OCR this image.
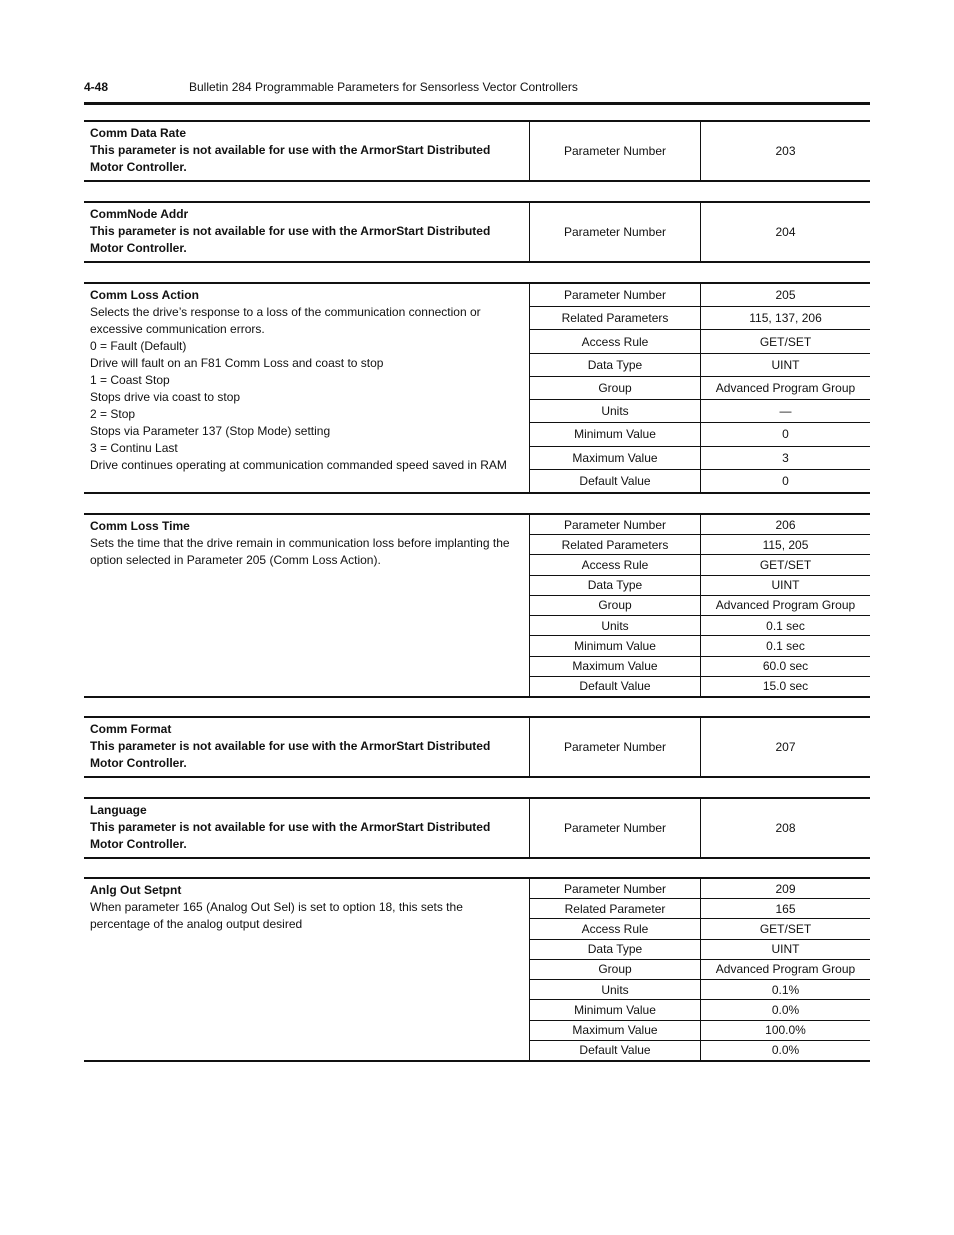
4-48	Bulletin 284 Programmable Parameters for Sensorless Vector Controllers
Comm Data Rate
This parameter is not available for use with the ArmorStart Distributed Motor Controller.
Parameter Number	203
CommNode Addr
This parameter is not available for use with the ArmorStart Distributed Motor Controller.
Parameter Number	204
Comm Loss Action
Selects the drive’s response to a loss of the communication connection or excessive communication errors.
0 = Fault (Default)
Drive will fault on an F81 Comm Loss and coast to stop
1 = Coast Stop
Stops drive via coast to stop
2 = Stop
Stops via Parameter 137 (Stop Mode) setting
3 = Continu Last
Drive continues operating at communication commanded speed saved in RAM
Parameter Number	205
Related Parameters	115, 137, 206
Access Rule	GET/SET
Data Type	UINT
Group	Advanced Program Group
Units	—
Minimum Value	0
Maximum Value	3
Default Value	0
Comm Loss Time
Sets the time that the drive remain in communication loss before implanting the option selected in Parameter 205 (Comm Loss Action).
Parameter Number	206
Related Parameters	115, 205
Access Rule	GET/SET
Data Type	UINT
Group	Advanced Program Group
Units	0.1 sec
Minimum Value	0.1 sec
Maximum Value	60.0 sec
Default Value	15.0 sec
Comm Format
This parameter is not available for use with the ArmorStart Distributed Motor Controller.
Parameter Number	207
Language
This parameter is not available for use with the ArmorStart Distributed Motor Controller.
Parameter Number	208
Anlg Out Setpnt
When parameter 165 (Analog Out Sel) is set to option 18, this sets the percentage of the analog output desired
Parameter Number	209
Related Parameter	165
Access Rule	GET/SET
Data Type	UINT
Group	Advanced Program Group
Units	0.1%
Minimum Value	0.0%
Maximum Value	100.0%
Default Value	0.0%
